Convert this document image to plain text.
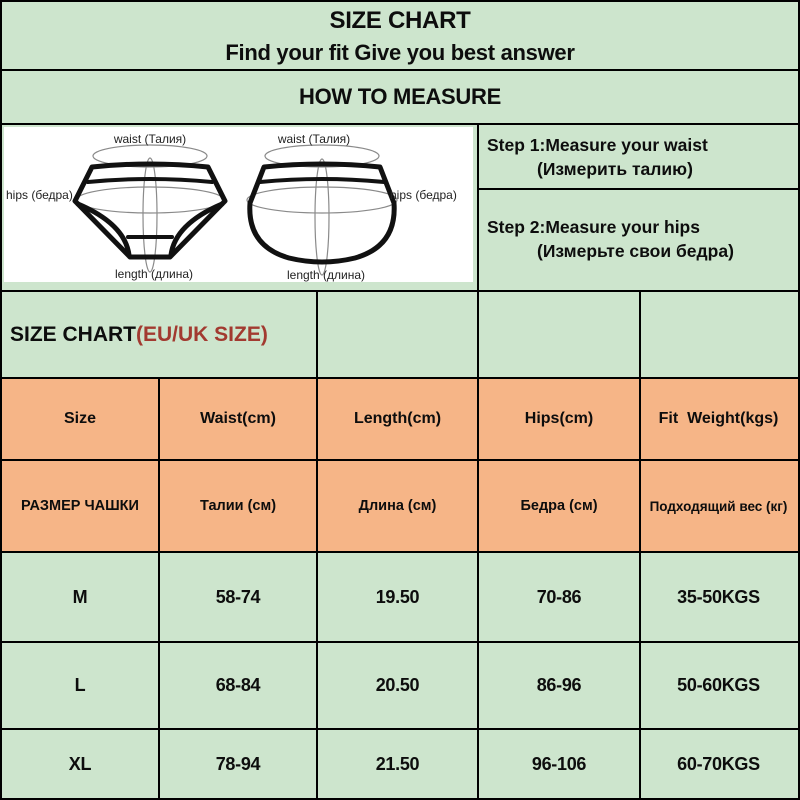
SIZE CHART
Find your fit Give you best answer
HOW TO MEASURE
waist (Талия)	waist (Талия)
hips (бедра)	hips (бедра)
length (длина)	length (длина)
Step 1:Measure your waist
(Измерить талию)
Step 2:Measure your hips
(Измерьте свои бедра)
SIZE CHART (EU/UK SIZE)
Size	Waist(cm)	Length(cm)	Hips(cm)	Fit  Weight(kgs)
РАЗМЕР ЧАШКИ	Талии (см)	Длина (см)	Бедра (см)	Подходящий вес (кг)
M	58-74	19.50	70-86	35-50KGS
L	68-84	20.50	86-96	50-60KGS
XL	78-94	21.50	96-106	60-70KGS
